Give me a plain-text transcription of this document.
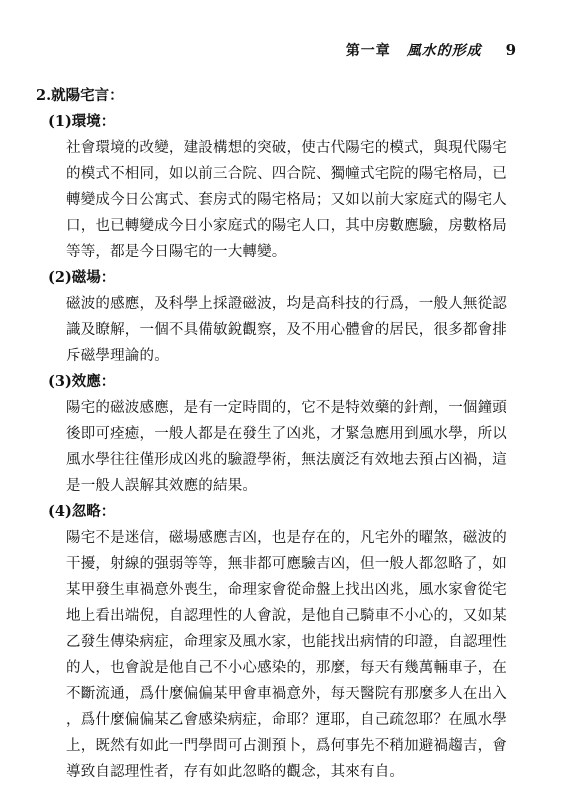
第一章 風水的形成 9
2.就陽宅言：
(1)環境：
社會環境的改變，建設構想的突破，使古代陽宅的模式，與現代陽宅
的模式不相同，如以前三合院、四合院、獨幢式宅院的陽宅格局，已
轉變成今日公寓式、套房式的陽宅格局；又如以前大家庭式的陽宅人
口，也已轉變成今日小家庭式的陽宅人口，其中房數應驗，房數格局
等等，都是今日陽宅的一大轉變。
(2)磁場：
磁波的感應，及科學上採證磁波，均是高科技的行爲，一般人無從認
識及瞭解，一個不具備敏銳觀察，及不用心體會的居民，很多都會排
斥磁學理論的。
(3)效應：
陽宅的磁波感應，是有一定時間的，它不是特效藥的針劑，一個鐘頭
後即可痊癒，一般人都是在發生了凶兆，才緊急應用到風水學，所以
風水學往往僅形成凶兆的驗證學術，無法廣泛有效地去預占凶禍，這
是一般人誤解其效應的結果。
(4)忽略：
陽宅不是迷信，磁場感應吉凶，也是存在的，凡宅外的曜煞，磁波的
干擾，射線的强弱等等，無非都可應驗吉凶，但一般人都忽略了，如
某甲發生車禍意外喪生，命理家會從命盤上找出凶兆，風水家會從宅
地上看出端倪，自認理性的人會說，是他自己騎車不小心的，又如某
乙發生傳染病症，命理家及風水家，也能找出病情的印證，自認理性
的人，也會說是他自己不小心感染的，那麼，每天有幾萬輛車子，在
不斷流通，爲什麼偏偏某甲會車禍意外，每天醫院有那麼多人在出入
，爲什麼偏偏某乙會感染病症，命耶？運耶，自己疏忽耶？在風水學
上，既然有如此一門學問可占測預卜，爲何事先不稍加避禍趨吉，會
導致自認理性者，存有如此忽略的觀念，其來有自。
